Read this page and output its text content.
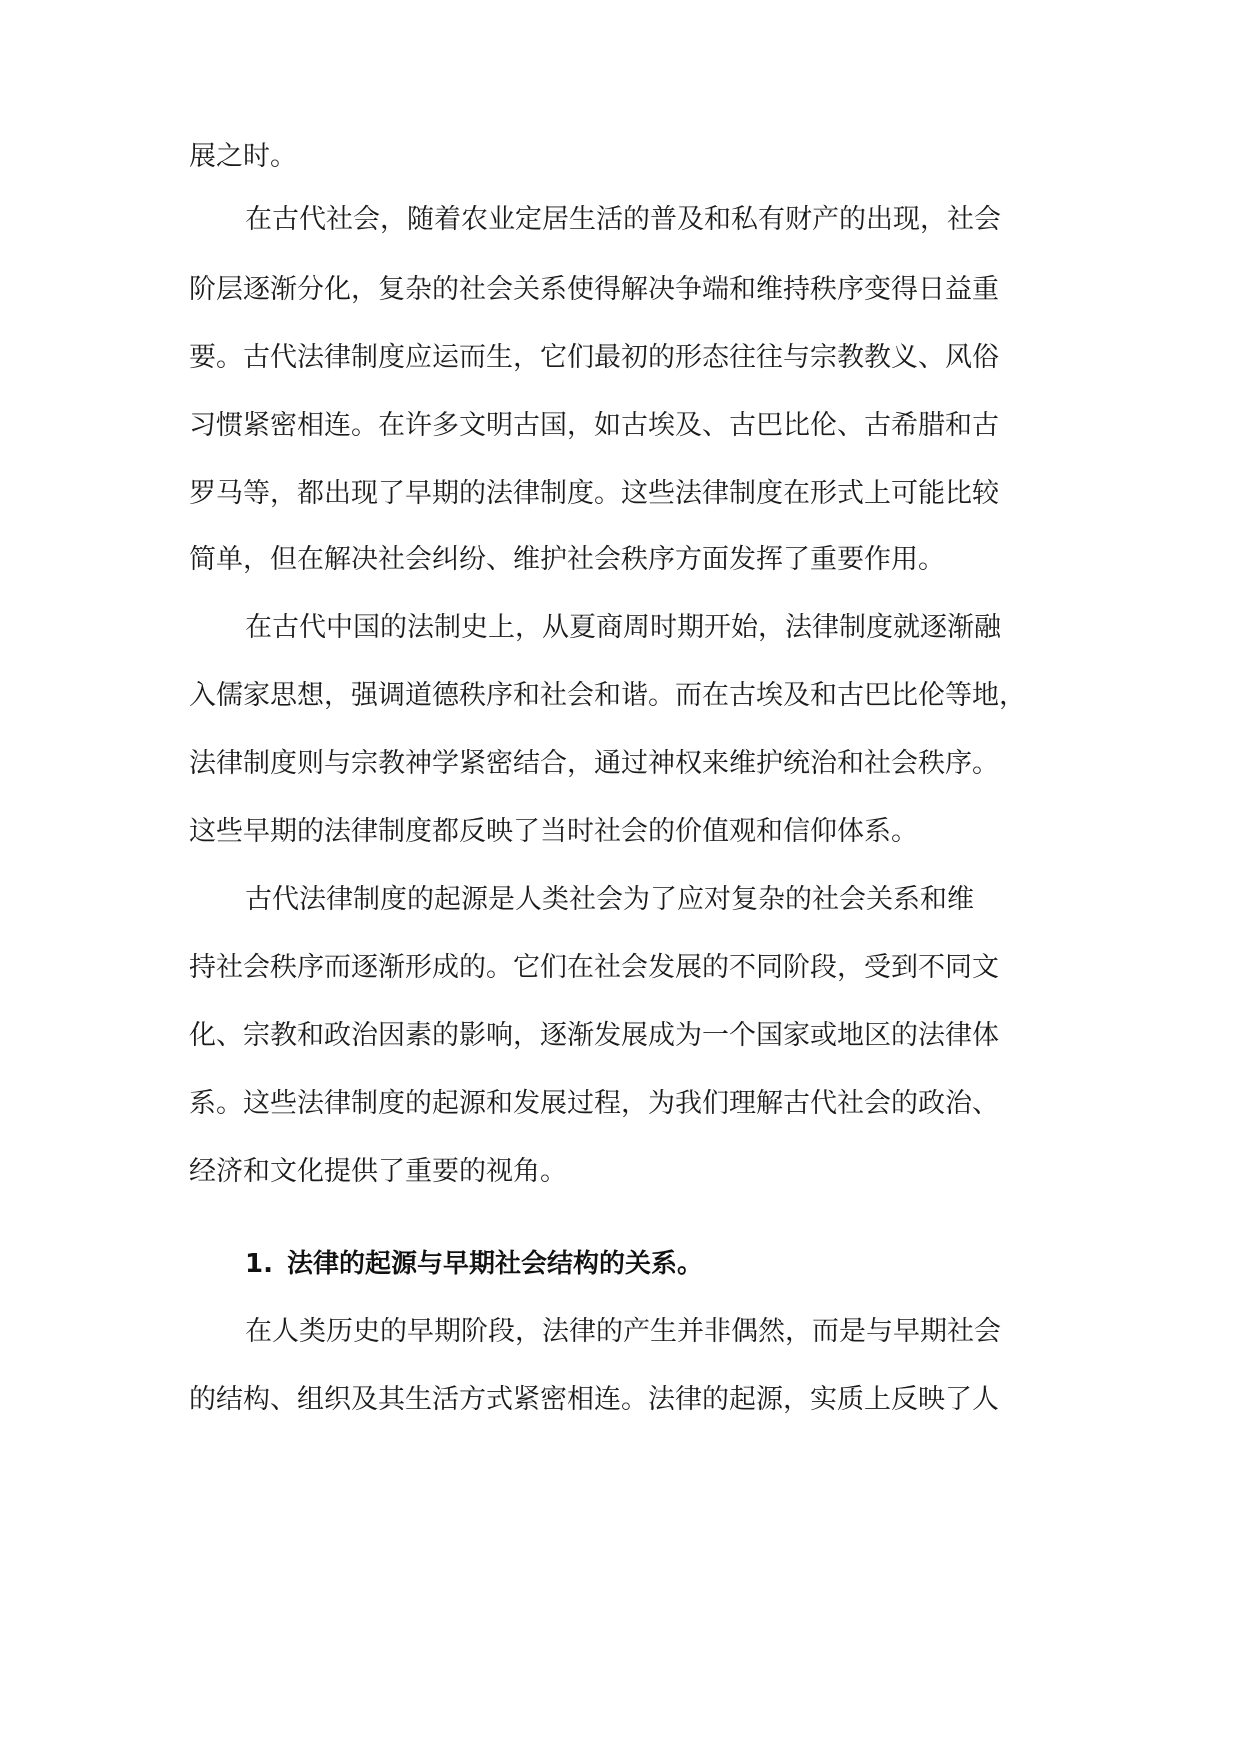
展之时。

在古代社会，随着农业定居生活的普及和私有财产的出现，社会

阶层逐渐分化，复杂的社会关系使得解决争端和维持秩序变得日益重

要。古代法律制度应运而生，它们最初的形态往往与宗教教义、风俗

习惯紧密相连。在许多文明古国，如古埃及、古巴比伦、古希腊和古

罗马等，都出现了早期的法律制度。这些法律制度在形式上可能比较

简单，但在解决社会纠纷、维护社会秩序方面发挥了重要作用。

在古代中国的法制史上，从夏商周时期开始，法律制度就逐渐融

入儒家思想，强调道德秩序和社会和谐。而在古埃及和古巴比伦等地，

法律制度则与宗教神学紧密结合，通过神权来维护统治和社会秩序。

这些早期的法律制度都反映了当时社会的价值观和信仰体系。

古代法律制度的起源是人类社会为了应对复杂的社会关系和维

持社会秩序而逐渐形成的。它们在社会发展的不同阶段，受到不同文

化、宗教和政治因素的影响，逐渐发展成为一个国家或地区的法律体

系。这些法律制度的起源和发展过程，为我们理解古代社会的政治、

经济和文化提供了重要的视角。

1. 法律的起源与早期社会结构的关系。

在人类历史的早期阶段，法律的产生并非偶然，而是与早期社会

的结构、组织及其生活方式紧密相连。法律的起源，实质上反映了人
